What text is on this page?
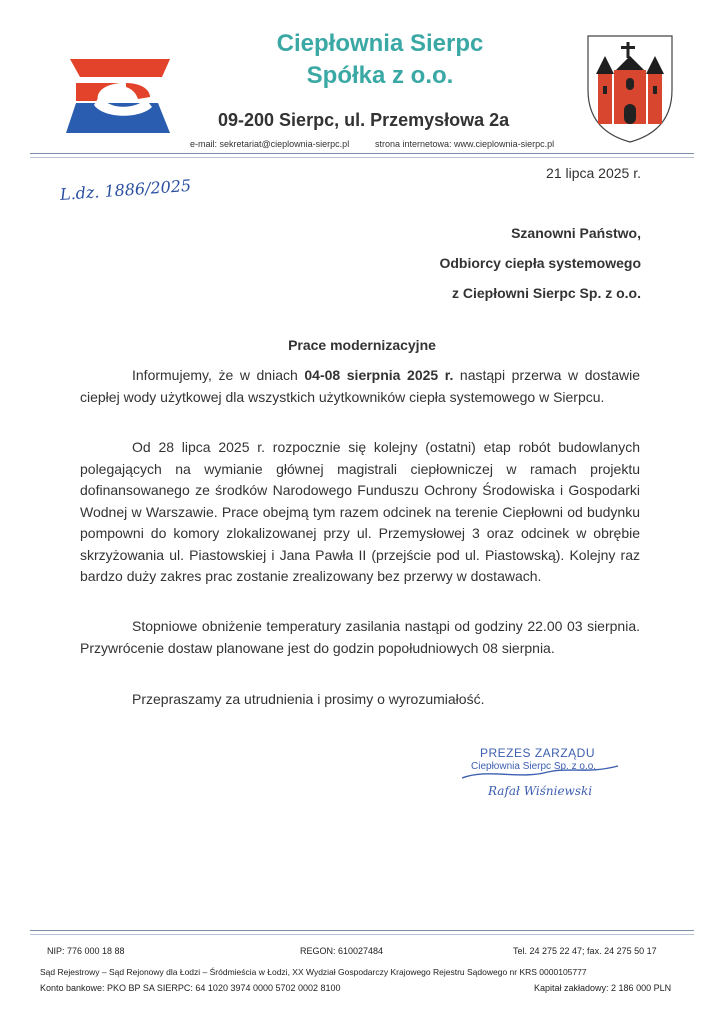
Ciepłownia Sierpc
Spółka z o.o.
09-200 Sierpc, ul. Przemysłowa 2a
e-mail: sekretariat@cieplownia-sierpc.pl	strona internetowa: www.cieplownia-sierpc.pl
21 lipca 2025 r.
L.dz. 1886/2025
Szanowni Państwo,
Odbiorcy ciepła systemowego
z Ciepłowni Sierpc Sp. z o.o.
Prace modernizacyjne
Informujemy, że w dniach 04-08 sierpnia 2025 r. nastąpi przerwa w dostawie ciepłej wody użytkowej dla wszystkich użytkowników ciepła systemowego w Sierpcu.
Od 28 lipca 2025 r. rozpocznie się kolejny (ostatni) etap robót budowlanych polegających na wymianie głównej magistrali ciepłowniczej w ramach projektu dofinansowanego ze środków Narodowego Funduszu Ochrony Środowiska i Gospodarki Wodnej w Warszawie. Prace obejmą tym razem odcinek na terenie Ciepłowni od budynku pompowni do komory zlokalizowanej przy ul. Przemysłowej 3 oraz odcinek w obrębie skrzyżowania ul. Piastowskiej i Jana Pawła II (przejście pod ul. Piastowską). Kolejny raz bardzo duży zakres prac zostanie zrealizowany bez przerwy w dostawach.
Stopniowe obniżenie temperatury zasilania nastąpi od godziny 22.00 03 sierpnia. Przywrócenie dostaw planowane jest do godzin popołudniowych 08 sierpnia.
Przepraszamy za utrudnienia i prosimy o wyrozumiałość.
PREZES ZARZĄDU
Ciepłownia Sierpc Sp. z o.o.
Rafał Wiśniewski
NIP: 776 000 18 88	REGON: 610027484	Tel. 24 275 22 47; fax. 24 275 50 17
Sąd Rejestrowy – Sąd Rejonowy dla Łodzi – Śródmieścia w Łodzi, XX Wydział Gospodarczy Krajowego Rejestru Sądowego nr KRS 0000105777
Konto bankowe: PKO BP SA SIERPC: 64 1020 3974 0000 5702 0002 8100	Kapitał zakładowy: 2 186 000 PLN
